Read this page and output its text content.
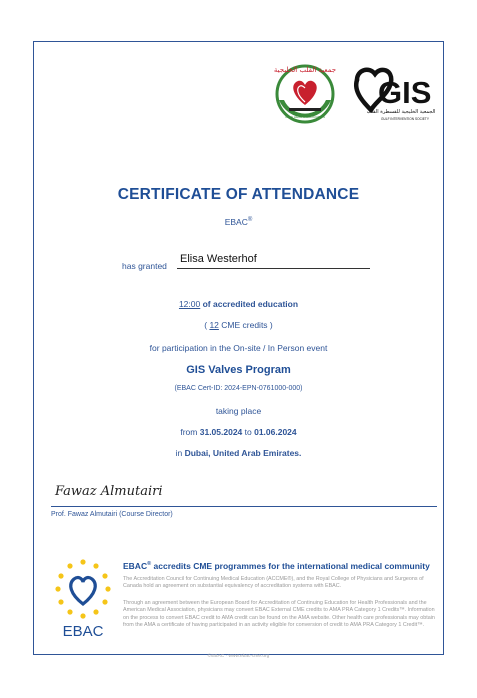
جمعية القلب الخليجية
GULF HEART ASSOCIATION
GIS
الجمعية الخليجية للقسطرة القلب
GULF INTERVENTION SOCIETY
CERTIFICATE OF ATTENDANCE
EBAC®
has granted
Elisa Westerhof
12:00 of accredited education
( 12 CME credits )
for participation in the On-site / In Person event
GIS Valves Program
(EBAC Cert-ID: 2024-EPN-0761000-000)
taking place
from 31.05.2024 to 01.06.2024
in Dubai, United Arab Emirates.
Fawaz Almutairi
Prof. Fawaz Almutairi (Course Director)
EBAC
EBAC® accredits CME programmes for the international medical community
The Accreditation Council for Continuing Medical Education (ACCME®), and the Royal College of Physicians and Surgeons of Canada hold an agreement on substantial equivalency of accreditation systems with EBAC.
Through an agreement between the European Board for Accreditation of Continuing Education for Health Professionals and the American Medical Association, physicians may convert EBAC External CME credits to AMA PRA Category 1 Credits™. Information on the process to convert EBAC credit to AMA credit can be found on the AMA website. Other health care professionals may obtain from the AMA a certificate of having participated in an activity eligible for conversion of credit to AMA PRA Category 1 Credit™.
©EBAC · www.ebac-cme.org
